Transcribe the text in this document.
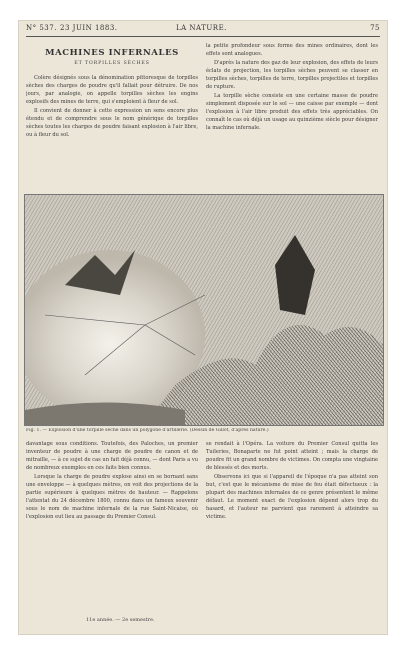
N° 537. 23 JUIN 1883.	LA NATURE.	75
MACHINES INFERNALES
ET TORPILLES SÈCHES

Colère désignés sous la dénomination pittoresque de torpilles sèches des charges de poudre qu'il fallait pour détruire. De nos jours, par analogie, on appelle torpilles sèches les engins explosifs des mines de terre, qui s'emploient à fleur de sol.

Il convient de donner à cette expression un sens encore plus étendu et de comprendre sous le nom générique de torpilles sèches toutes les charges de poudre faisant explosion à l'air libre, ou à fleur du sol.

la petite profondeur sous forme des mines ordinaires, dont les effets sont analogues.

D'après la nature des gaz de leur explosion, des effets de leurs éclats de projection, les torpilles sèches peuvent se classer en torpilles sèches, torpilles de terre, torpilles projectiles et torpilles de rupture.

La torpille sèche consiste en une certaine masse de poudre simplement disposée sur le sol — une caisse par exemple — dont l'explosion à l'air libre produit des effets très appréciables. On connaît le cas où déjà un usage au quinzième siècle pour désigner la machine infernale.

Fig. 1. — Explosion d'une torpille sèche dans un polygone d'artillerie. (Dessin de Gillot, d'après nature.)

davantage sous conditions. Toutefois, des Paloches, un premier inventeur de poudre à une charge de poudre de canon et de mitraille, — à ce sujet de cas un fait déjà connu, — dont Paris a vu de nombreux exemples en ces faits bien connus.

Lorsque la charge de poudre explose ainsi en se bornant sans une enveloppe — à quelques mètres, on voit des projections de la partie supérieure à quelques mètres de hauteur. — Rappelons l'attentat du 24 décembre 1800, connu dans un fameux souvenir sous le nom de machine infernale de la rue Saint-Nicaise, où l'explosion eut lieu au passage du Premier Consul.

se rendait à l'Opéra. La voiture du Premier Consul quitta les Tuileries, Bonaparte ne fut point atteint ; mais la charge de poudre fit un grand nombre de victimes. On compta une vingtaine de blessés et des morts.

Observons ici que si l'appareil de l'époque n'a pas atteint son but, c'est que le mécanisme de mise de feu était défectueux : la plupart des machines infernales de ce genre présentent le même défaut. Le moment exact de l'explosion dépend alors trop du hasard, et l'auteur ne parvient que rarement à atteindre sa victime.

11e année. — 2e semestre.
